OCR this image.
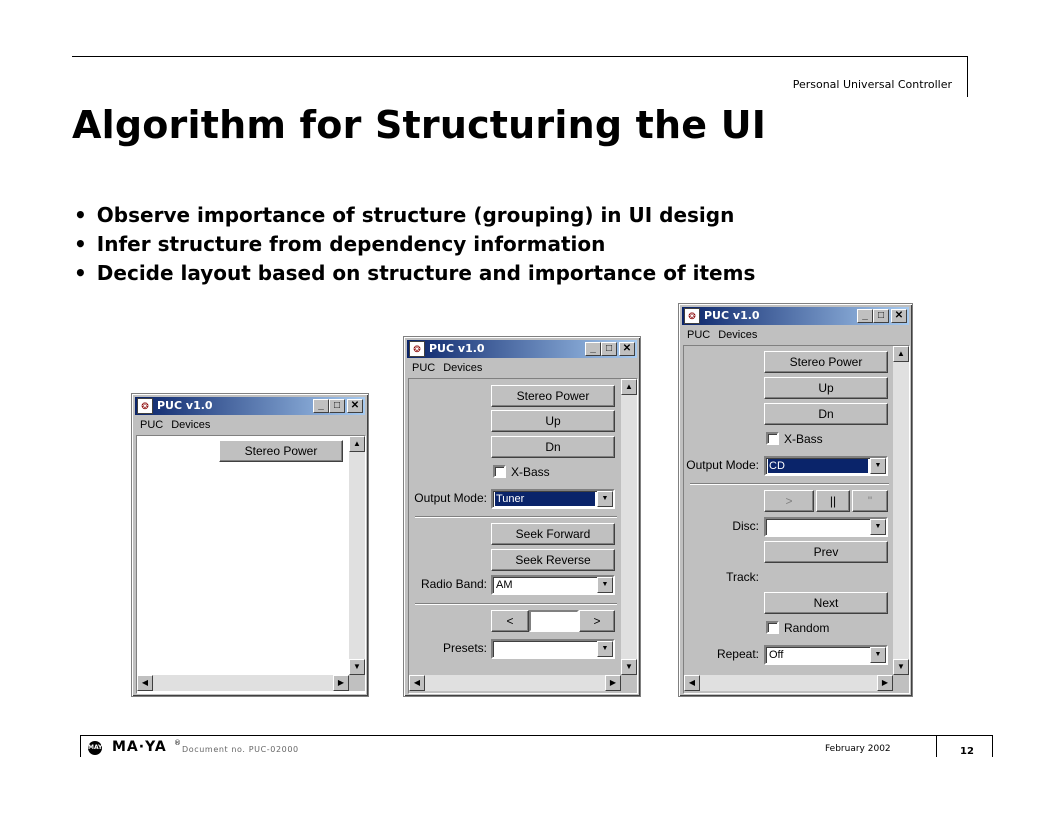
Personal Universal Controller
Algorithm for Structuring the UI
• Observe importance of structure (grouping) in UI design
• Infer structure from dependency information
• Decide layout based on structure and importance of items
❂ PUC v1.0	_	□	✕
PUC Devices
Stereo Power
▲
▼
◀	▶
❂ PUC v1.0	_	□	✕
PUC Devices
Stereo Power
Up
Dn
X-Bass
Output Mode: Tuner	▼
Seek Forward
Seek Reverse
Radio Band: AM	▼
<	>
Presets:	▼
▲
▼
◀	▶
❂ PUC v1.0	_	□	✕
PUC Devices
Stereo Power
Up
Dn
X-Bass
Output Mode: CD	▼
>	||	"
Disc:	▼
Prev
Track:
Next
Random
Repeat: Off	▼
▲
▼
◀	▶
MAYA MA·YA ®
Document no. PUC-02000	February 2002	12
